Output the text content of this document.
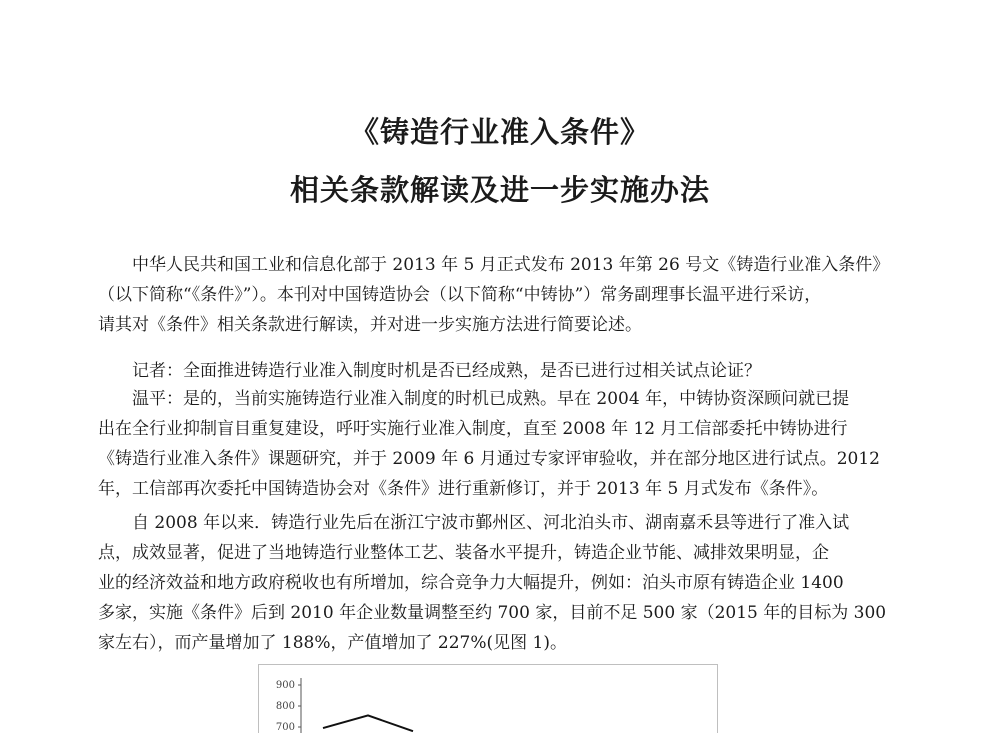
《铸造行业准入条件》
相关条款解读及进一步实施办法
　　中华人民共和国工业和信息化部于 2013 年 5 月正式发布 2013 年第 26 号文《铸造行业准入条件》
（以下简称“《条件》”）。本刊对中国铸造协会（以下简称“中铸协”）常务副理事长温平进行采访，
请其对《条件》相关条款进行解读，并对进一步实施方法进行简要论述。
　　记者：全面推进铸造行业准入制度时机是否已经成熟，是否已进行过相关试点论证？
　　温平：是的，当前实施铸造行业准入制度的时机已成熟。早在 2004 年，中铸协资深顾问就已提
出在全行业抑制盲目重复建设，呼吁实施行业准入制度，直至 2008 年 12 月工信部委托中铸协进行
《铸造行业准入条件》课题研究，并于 2009 年 6 月通过专家评审验收，并在部分地区进行试点。2012
年，工信部再次委托中国铸造协会对《条件》进行重新修订，并于 2013 年 5 月式发布《条件》。
　　自 2008 年以来．铸造行业先后在浙江宁波市鄞州区、河北泊头市、湖南嘉禾县等进行了准入试
点，成效显著，促进了当地铸造行业整体工艺、装备水平提升，铸造企业节能、减排效果明显，企
业的经济效益和地方政府税收也有所增加，综合竞争力大幅提升，例如：泊头市原有铸造企业 1400
多家，实施《条件》后到 2010 年企业数量调整至约 700 家，目前不足 500 家（2015 年的目标为 300
家左右），而产量增加了 188%，产值增加了 227%(见图 1)。
900
800
700
